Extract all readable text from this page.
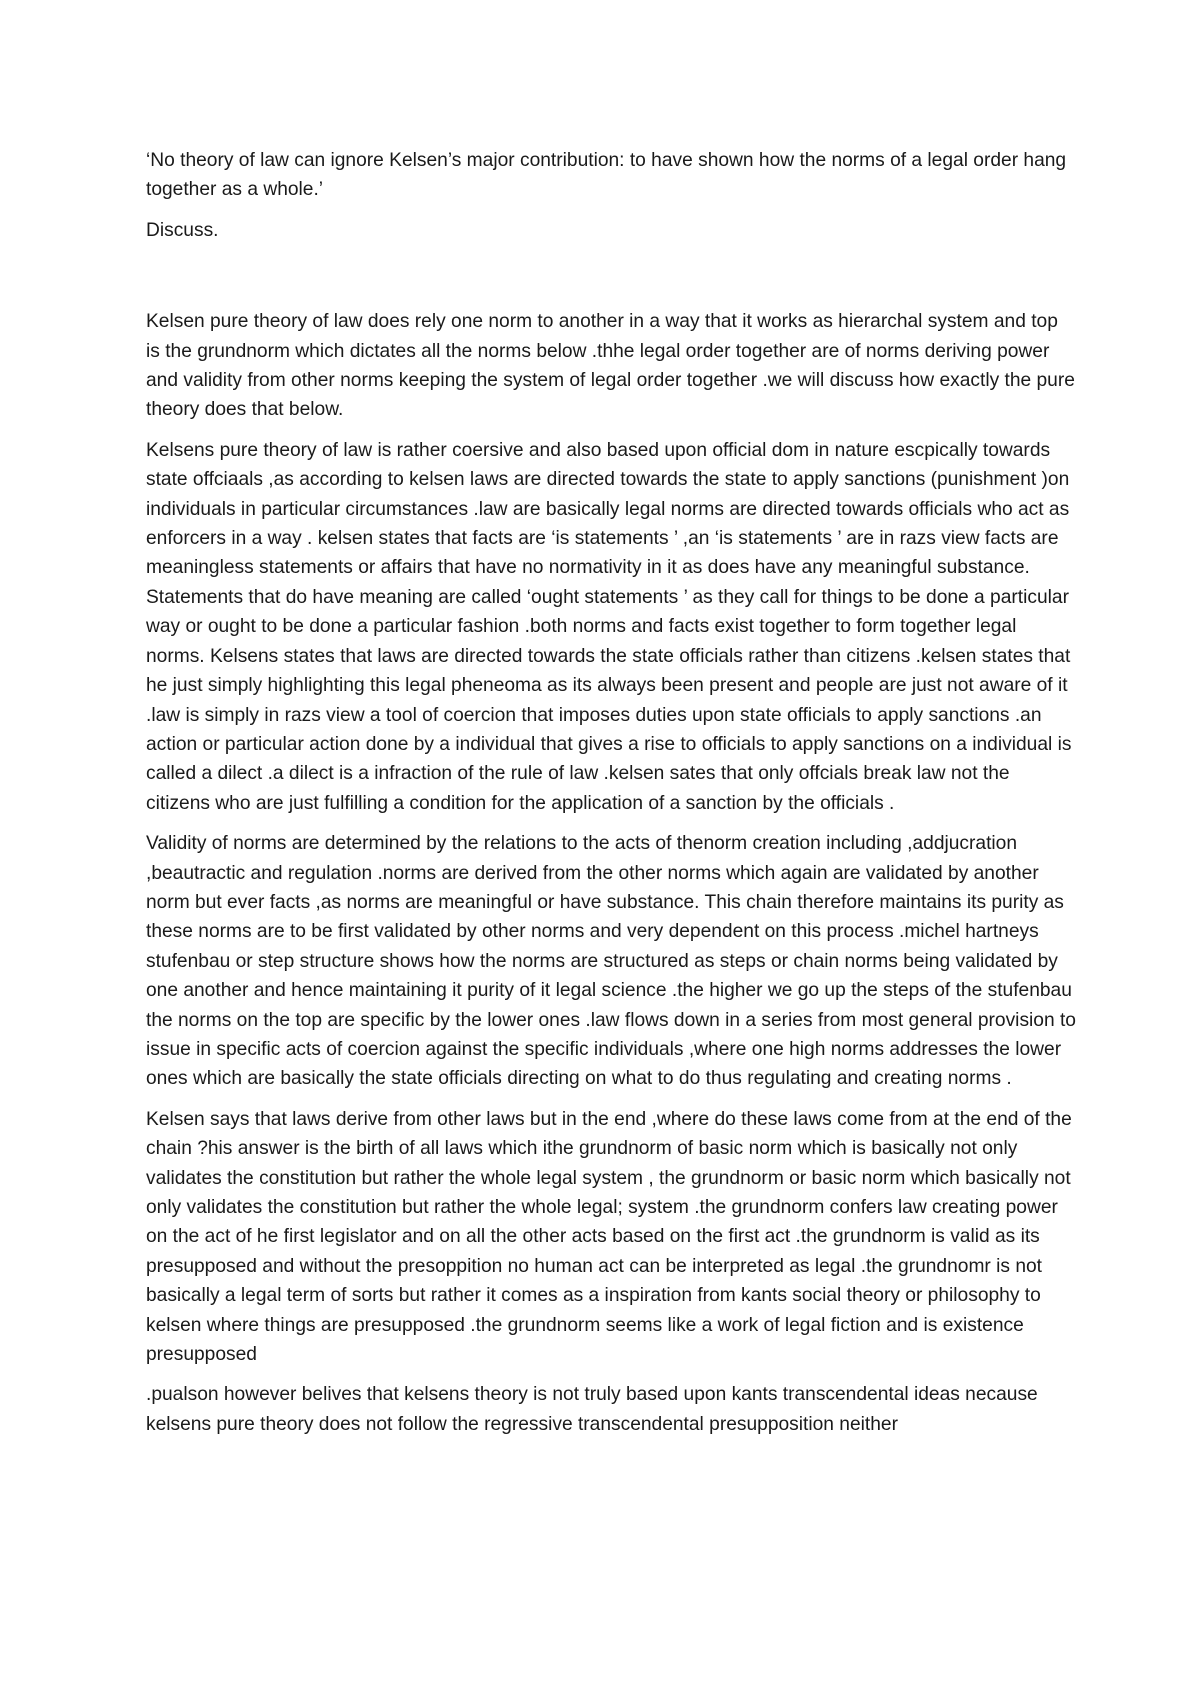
‘No theory of law can ignore Kelsen’s major contribution: to have shown how the norms of a legal order hang together as a whole.’

Discuss.

Kelsen pure theory of law does rely one norm to another in a way that it works as hierarchal system and top is the grundnorm which dictates all the norms below .thhe legal order together are of norms deriving power and validity from other norms keeping the system of legal order together .we will discuss how exactly the pure theory does that below.

Kelsens pure theory of law is rather coersive and also based upon official dom in nature escpically towards state offciaals ,as according to kelsen laws are directed towards the state to apply sanctions (punishment )on individuals in particular circumstances .law are basically legal norms are directed towards officials who act as enforcers in a way . kelsen states that facts are ‘is statements ’ ,an ‘is statements ’ are in razs view facts are meaningless statements or affairs that have no normativity in it as does have any meaningful substance. Statements that do have meaning are called ‘ought statements ’ as they call for things to be done a particular way or ought to be done a particular fashion .both norms and facts exist together to form together legal norms. Kelsens states that laws are directed towards the state officials rather than citizens .kelsen states that he just simply highlighting this legal pheneoma as its always been present and people are just not aware of it .law is simply in razs view a tool of coercion that imposes duties upon state officials to apply sanctions .an action or particular action done by a individual that gives a rise to officials to apply sanctions on a individual is called a dilect .a dilect is a infraction of the rule of law .kelsen sates that only offcials break law not the citizens who are just fulfilling a condition for the application of a sanction by the officials .

Validity of norms are determined by the relations to the acts of thenorm creation including ,addjucration ,beautractic and regulation .norms are derived from the other norms which again are validated by another norm but ever facts ,as norms are meaningful or have substance. This chain therefore maintains its purity as these norms are to be first validated by other norms and very dependent on this process .michel hartneys stufenbau or step structure shows how the norms are structured as steps or chain norms being validated by one another and hence maintaining it purity of it legal science .the higher we go up the steps of the stufenbau the norms on the top are specific by the lower ones .law flows down in a series from most general provision to issue in specific acts of coercion against the specific individuals ,where one high norms addresses the lower ones which are basically the state officials directing on what to do thus regulating and creating norms .

Kelsen says that laws derive from other laws but in the end ,where do these laws come from at the end of the chain ?his answer is the birth of all laws which ithe grundnorm of basic norm which is basically not only validates the constitution but rather the whole legal system , the grundnorm or basic norm which basically not only validates the constitution but rather the whole legal; system .the grundnorm confers law creating power on the act of he first legislator and on all the other acts based on the first act .the grundnorm is valid as its presupposed and without the presoppition no human act can be interpreted as legal .the grundnomr is not basically a legal term of sorts but rather it comes as a inspiration from kants social theory or philosophy to kelsen where things are presupposed .the grundnorm seems like a work of legal fiction and is existence presupposed

.pualson however belives that kelsens theory is not truly based upon kants transcendental ideas necause kelsens pure theory does not follow the regressive transcendental presupposition neither
